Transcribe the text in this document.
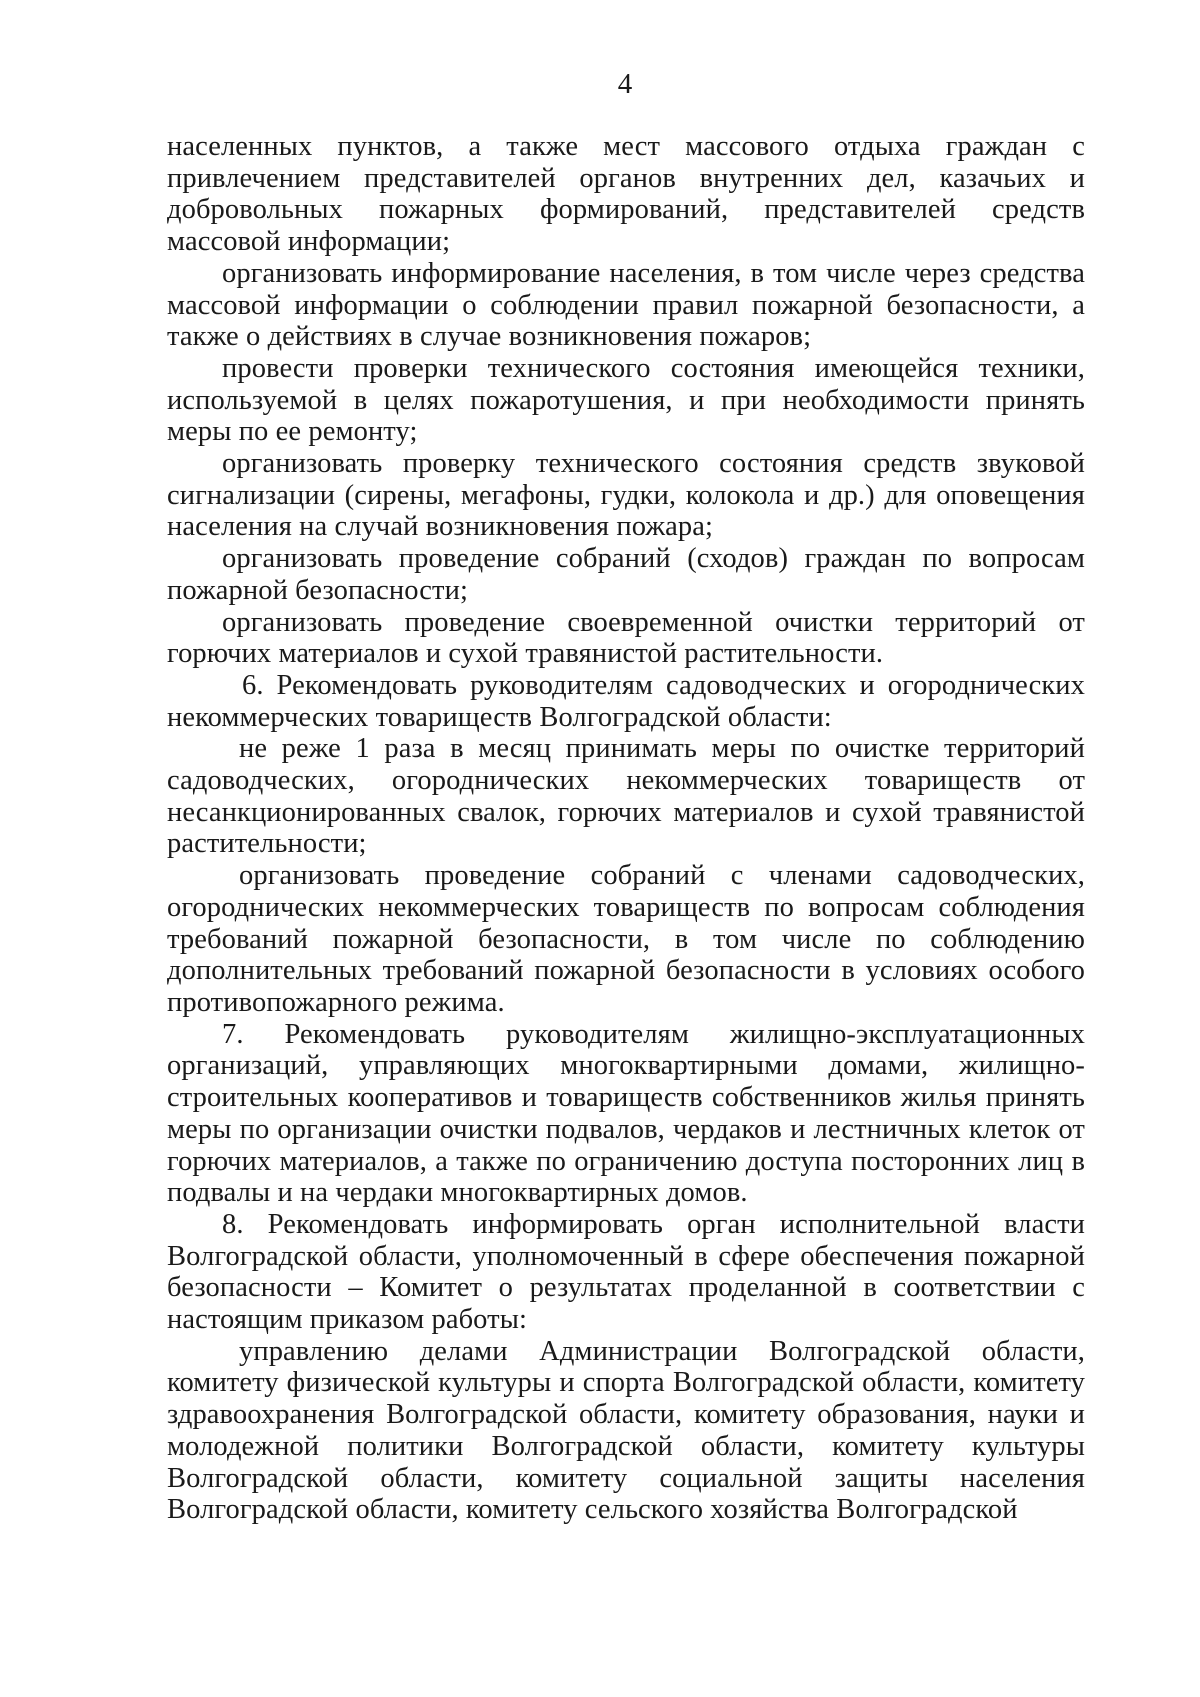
4

населенных пунктов, а также мест массового отдыха граждан с привлечением представителей органов внутренних дел, казачьих и добровольных пожарных формирований, представителей средств массовой информации;

организовать информирование населения, в том числе через средства массовой информации о соблюдении правил пожарной безопасности, а также о действиях в случае возникновения пожаров;

провести проверки технического состояния имеющейся техники, используемой в целях пожаротушения, и при необходимости принять меры по ее ремонту;

организовать проверку технического состояния средств звуковой сигнализации (сирены, мегафоны, гудки, колокола и др.) для оповещения населения на случай возникновения пожара;

организовать проведение собраний (сходов) граждан по вопросам пожарной безопасности;

организовать проведение своевременной очистки территорий от горючих материалов и сухой травянистой растительности.

6. Рекомендовать руководителям садоводческих и огороднических некоммерческих товариществ Волгоградской области:

не реже 1 раза в месяц принимать меры по очистке территорий садоводческих, огороднических некоммерческих товариществ от несанкционированных свалок, горючих материалов и сухой травянистой растительности;

организовать проведение собраний с членами садоводческих, огороднических некоммерческих товариществ по вопросам соблюдения требований пожарной безопасности, в том числе по соблюдению дополнительных требований пожарной безопасности в условиях особого противопожарного режима.

7. Рекомендовать руководителям жилищно-эксплуатационных организаций, управляющих многоквартирными домами, жилищно-строительных кооперативов и товариществ собственников жилья принять меры по организации очистки подвалов, чердаков и лестничных клеток от горючих материалов, а также по ограничению доступа посторонних лиц в подвалы и на чердаки многоквартирных домов.

8. Рекомендовать информировать орган исполнительной власти Волгоградской области, уполномоченный в сфере обеспечения пожарной безопасности – Комитет о результатах проделанной в соответствии с настоящим приказом работы:

управлению делами Администрации Волгоградской области, комитету физической культуры и спорта Волгоградской области, комитету здравоохранения Волгоградской области, комитету образования, науки и молодежной политики Волгоградской области, комитету культуры Волгоградской области, комитету социальной защиты населения Волгоградской области, комитету сельского хозяйства Волгоградской
